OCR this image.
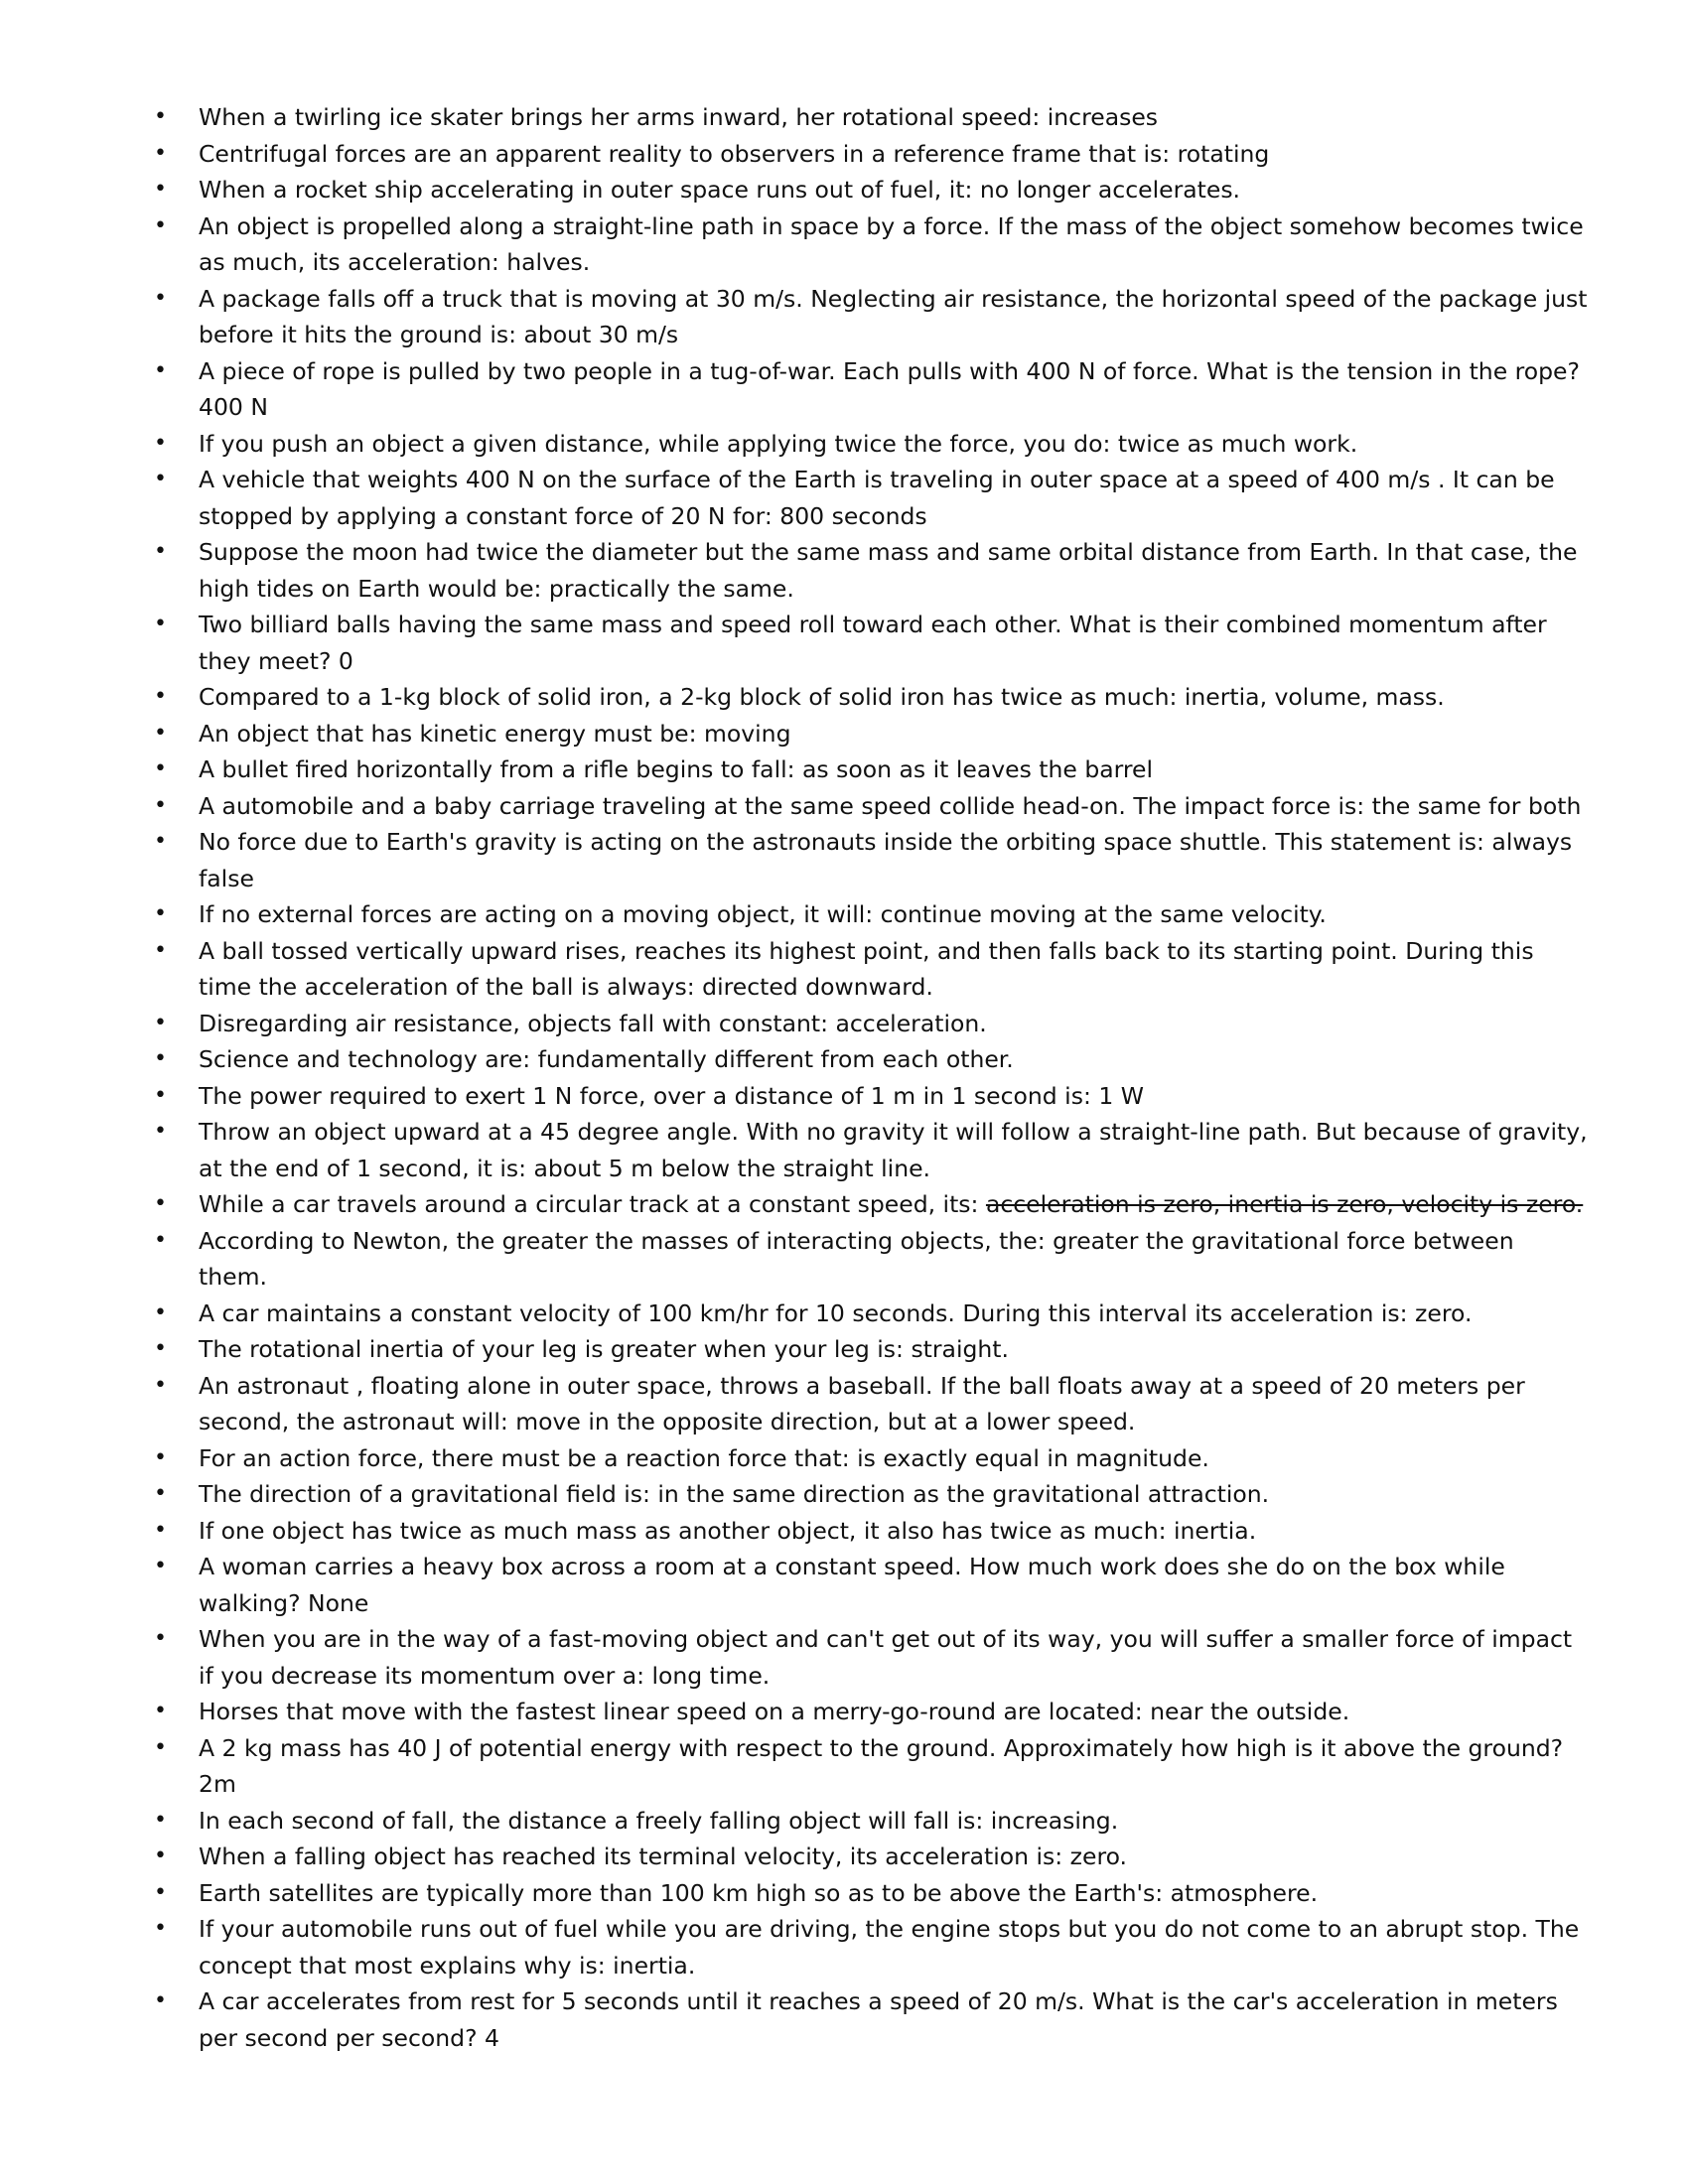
• When a twirling ice skater brings her arms inward, her rotational speed: increases
• Centrifugal forces are an apparent reality to observers in a reference frame that is: rotating
• When a rocket ship accelerating in outer space runs out of fuel, it: no longer accelerates.
• An object is propelled along a straight-line path in space by a force. If the mass of the object somehow becomes twice as much, its acceleration: halves.
• A package falls off a truck that is moving at 30 m/s. Neglecting air resistance, the horizontal speed of the package just before it hits the ground is: about 30 m/s
• A piece of rope is pulled by two people in a tug-of-war. Each pulls with 400 N of force. What is the tension in the rope? 400 N
• If you push an object a given distance, while applying twice the force, you do: twice as much work.
• A vehicle that weights 400 N on the surface of the Earth is traveling in outer space at a speed of 400 m/s . It can be stopped by applying a constant force of 20 N for: 800 seconds
• Suppose the moon had twice the diameter but the same mass and same orbital distance from Earth. In that case, the high tides on Earth would be: practically the same.
• Two billiard balls having the same mass and speed roll toward each other. What is their combined momentum after they meet? 0
• Compared to a 1-kg block of solid iron, a 2-kg block of solid iron has twice as much: inertia, volume, mass.
• An object that has kinetic energy must be: moving
• A bullet fired horizontally from a rifle begins to fall: as soon as it leaves the barrel
• A automobile and a baby carriage traveling at the same speed collide head-on. The impact force is: the same for both
• No force due to Earth's gravity is acting on the astronauts inside the orbiting space shuttle. This statement is: always false
• If no external forces are acting on a moving object, it will: continue moving at the same velocity.
• A ball tossed vertically upward rises, reaches its highest point, and then falls back to its starting point. During this time the acceleration of the ball is always: directed downward.
• Disregarding air resistance, objects fall with constant: acceleration.
• Science and technology are: fundamentally different from each other.
• The power required to exert 1 N force, over a distance of 1 m in 1 second is: 1 W
• Throw an object upward at a 45 degree angle. With no gravity it will follow a straight-line path. But because of gravity, at the end of 1 second, it is: about 5 m below the straight line.
• While a car travels around a circular track at a constant speed, its: acceleration is zero, inertia is zero, velocity is zero.
• According to Newton, the greater the masses of interacting objects, the: greater the gravitational force between them.
• A car maintains a constant velocity of 100 km/hr for 10 seconds. During this interval its acceleration is: zero.
• The rotational inertia of your leg is greater when your leg is: straight.
• An astronaut , floating alone in outer space, throws a baseball. If the ball floats away at a speed of 20 meters per second, the astronaut will: move in the opposite direction, but at a lower speed.
• For an action force, there must be a reaction force that: is exactly equal in magnitude.
• The direction of a gravitational field is: in the same direction as the gravitational attraction.
• If one object has twice as much mass as another object, it also has twice as much: inertia.
• A woman carries a heavy box across a room at a constant speed. How much work does she do on the box while walking? None
• When you are in the way of a fast-moving object and can't get out of its way, you will suffer a smaller force of impact if you decrease its momentum over a: long time.
• Horses that move with the fastest linear speed on a merry-go-round are located: near the outside.
• A 2 kg mass has 40 J of potential energy with respect to the ground. Approximately how high is it above the ground? 2m
• In each second of fall, the distance a freely falling object will fall is: increasing.
• When a falling object has reached its terminal velocity, its acceleration is: zero.
• Earth satellites are typically more than 100 km high so as to be above the Earth's: atmosphere.
• If your automobile runs out of fuel while you are driving, the engine stops but you do not come to an abrupt stop. The concept that most explains why is: inertia.
• A car accelerates from rest for 5 seconds until it reaches a speed of 20 m/s. What is the car's acceleration in meters per second per second? 4
